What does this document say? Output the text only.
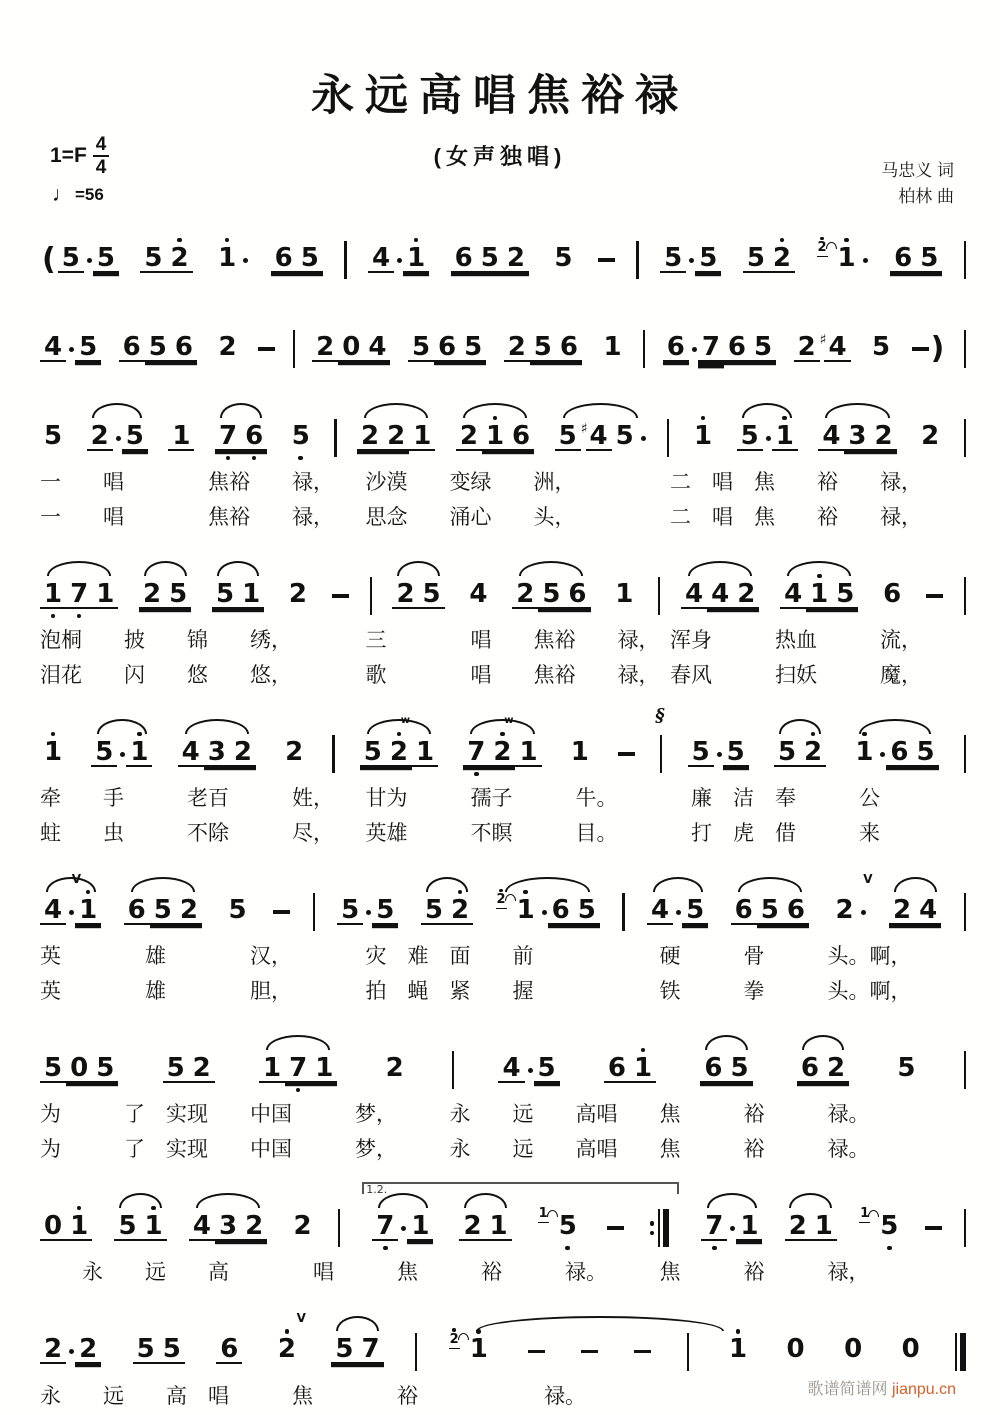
永远高唱焦裕禄
(女声独唱)
$1=F \frac{4}{4}$
♩ =56
马忠义 词
柏林 曲
( 5 5 5 2 1 6 5 4 1 6 5 2 5	5 5 5 2	2 1 6 5
4 5 6 5 6 2	2 0 4 5 6 5 2 5 6 1 6 7 6 5 2 ♯ 4 5 )
5 2 5 1 7 6 5 2 2 1 2 1 6 5 ♯ 4 5 1 5 1 4 3 2 2
一　　唱　　　　焦裕　　禄，　　沙漠　　变绿　　洲，　　　　　二　唱　焦　　裕　　禄，
一　　唱　　　　焦裕　　禄，　　思念　　涌心　　头，　　　　　二　唱　焦　　裕　　禄，
1 7 1 2 5 5 1 2	2 5 4 2 5 6 1 4 4 2 4 1 5 6
泡桐　　披　　锦　　绣，　　　　三　　　　唱　　焦裕　　禄，　浑身　　　热血　　　流，
泪花　　闪　　悠　　悠，　　　　歌　　　　唱　　焦裕　　禄，　春风　　　扫妖　　　魔，
1 5 1 4 3 2 2 5 2
w
1 7 2
w
1 1
§
5 5 5 2 1 6 5
牵　　手　　　老百　　　姓，　　甘为　　　孺子　　　牛。　　　　廉　洁　奉　　　公
蛀　　虫　　　不除　　　尽，　　英雄　　　不瞑　　　目。　　　　打　虎　借　　　来
4
V
1 6 5 2 5	5 5 5 2	2 1 6 5 4 5 6 5 6 2
V
2 4
英　　　　雄　　　　汉，　　　　灾　难　面　　前　　　　　　硬　　　骨　　　头。啊，
英　　　　雄　　　　胆，　　　　拍　蝇　紧　　握　　　　　　铁　　　拳　　　头。啊，
5 0 5 5 2 1 7 1 2	4 5 6 1 6 5 6 2 5
为　　　了　实现　　中国　　　梦，　　　永　　远　　高唱　　焦　　　裕　　　禄。
为　　　了　实现　　中国　　　梦，　　　永　　远　　高唱　　焦　　　裕　　　禄。
0 1 5 1 4 3 2 2
1.2.
7 1 2 1	1 5	7 1 2 1	1 5
　　永　　远　　高　　　　唱　　　焦　　　裕　　　禄。　　　焦　　　裕　　　禄，
2 2 5 5 6 2
V
5 7	2 1	1 0 0 0
永　　远　　高　唱　　　焦　　　　裕　　　　　　禄。	歌谱简谱网 jianpu.cn
